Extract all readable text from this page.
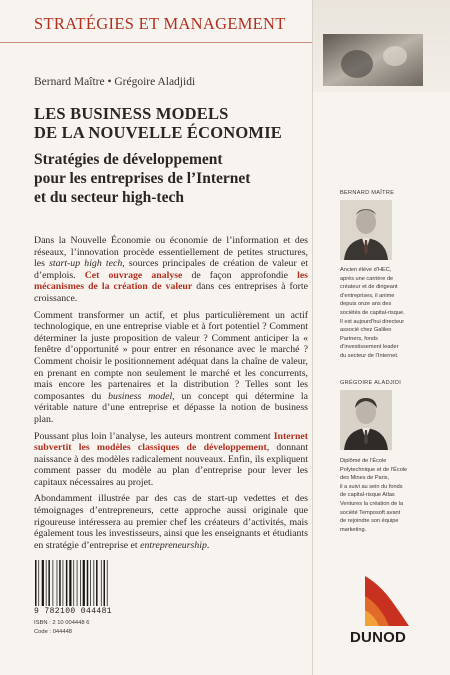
STRATÉGIES ET MANAGEMENT
Bernard Maître • Grégoire Aladjidi
LES BUSINESS MODELS
DE LA NOUVELLE ÉCONOMIE
Stratégies de développement
pour les entreprises de l’Internet
et du secteur high-tech

Dans la Nouvelle Économie ou économie de l’information et des réseaux, l’innovation procède essentiellement de petites structures, les start-up high tech, sources principales de création de valeur et d’emplois. Cet ouvrage analyse de façon approfondie les mécanismes de la création de valeur dans ces entreprises à forte croissance.

Comment transformer un actif, et plus particulièrement un actif technologique, en une entreprise viable et à fort potentiel ? Comment déterminer la juste proposition de valeur ? Comment anticiper la « fenêtre d’opportunité » pour entrer en résonance avec le marché ? Comment choisir le positionnement adéquat dans la chaîne de valeur, en prenant en compte non seulement le marché et les concurrents, mais encore les partenaires et la distribution ? Telles sont les composantes du business model, un concept qui détermine la véritable nature d’une entreprise et dépasse la notion de business plan.

Poussant plus loin l’analyse, les auteurs montrent comment Internet subvertit les modèles classiques de développement, donnant naissance à des modèles radicalement nouveaux. Enfin, ils expliquent comment passer du modèle au plan d’entreprise pour lever les capitaux nécessaires au projet.

Abondamment illustrée par des cas de start-up vedettes et des témoignages d’entrepreneurs, cette approche aussi originale que rigoureuse intéressera au premier chef les créateurs d’activités, mais également tous les investisseurs, ainsi que les enseignants et étudiants en stratégie d’entreprise et entrepreneurship.

BERNARD MAÎTRE
Ancien élève d’HEC,
après une carrière de
créateur et de dirigeant
d’entreprises, il anime
depuis onze ans des
sociétés de capital-risque.
Il est aujourd’hui directeur
associé chez Galileo
Partners, fonds
d’investissement leader
du secteur de l’Internet.
GRÉGOIRE ALADJIDI
Diplômé de l’École
Polytechnique et de l’École
des Mines de Paris,
il a suivi au sein du fonds
de capital-risque Atlas
Ventures la création de la
société Temposoft avant
de rejoindre son équipe
marketing.
9 782100 044481
ISBN : 2 10 004448 6
Code : 044448	DUNOD
